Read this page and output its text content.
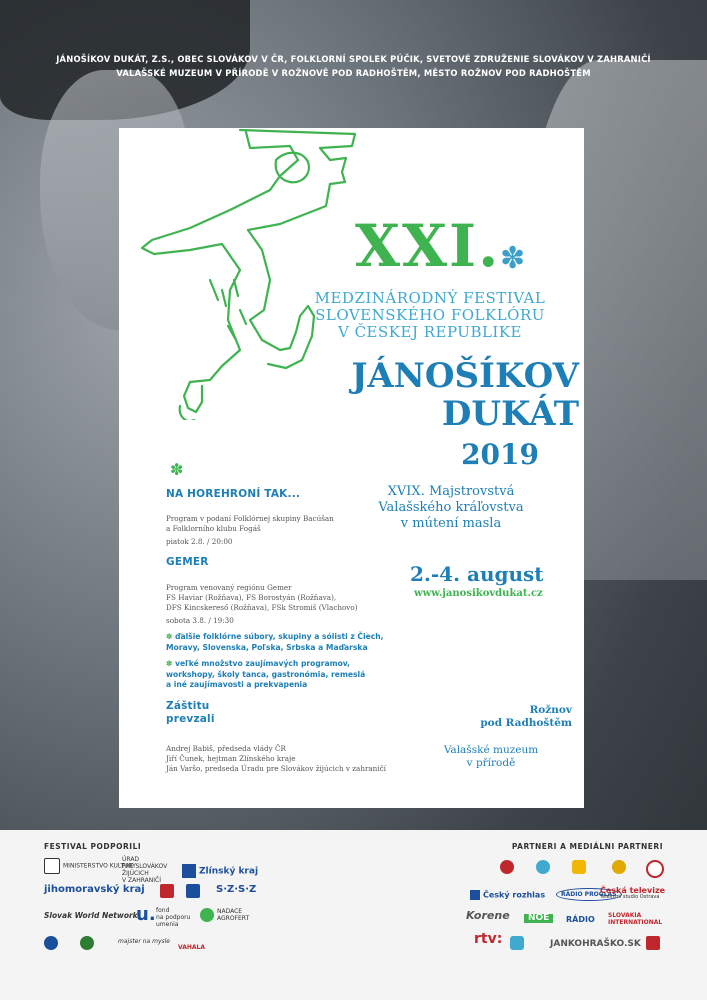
JÁNOŠÍKOV DUKÁT, Z.S., OBEC SLOVÁKOV V ČR, FOLKLORNÍ SPOLEK PÚČIK, SVETOVÉ ZDRUŽENIE SLOVÁKOV V ZAHRANIČÍ
VALAŠSKÉ MUZEUM V PŘÍRODĚ V ROŽNOVĚ POD RADHOŠTĚM, MĚSTO ROŽNOV POD RADHOŠTĚM
XXI. ✽
MEDZINÁRODNÝ FESTIVAL
SLOVENSKÉHO FOLKLÓRU
V ČESKEJ REPUBLIKE
JÁNOŠÍKOV
DUKÁT
2019
✽
XVIX. Majstrovstvá
Valašského kráľovstva
v mútení masla
2.-4. august
www.janosikovdukat.cz
NA HOREHRONÍ TAK...
Program v podaní Folklórnej skupiny Bacúšan
a Folklorního klubu Fogáš
piatok 2.8. / 20:00
GEMER
Program venovaný regiónu Gemer
FS Haviar (Rožňava), FS Borostyán (Rožňava),
DFS Kincskereső (Rožňava), FSk Stromiš (Vlachovo)
sobota 3.8. / 19:30
✽ ďalšie folklórne súbory, skupiny a sólisti z Čiech,
Moravy, Slovenska, Poľska, Srbska a Maďarska
✽ veľké množstvo zaujímavých programov,
workshopy, školy tanca, gastronómia, remeslá
a iné zaujímavosti a prekvapenia
Záštitu
prevzali
Andrej Babiš, předseda vlády ČR
Jiří Čunek, hejtman Zlínského kraje
Ján Varšo, predseda Úradu pre Slovákov žijúcich v zahraničí
Rožnov
pod Radhoštěm
Valašské muzeum
v přírodě
FESTIVAL PODPORILI	PARTNERI A MEDIÁLNI PARTNERI
MINISTERSTVO KULTURY
ÚRAD
PRE SLOVÁKOV
ŽIJÚCICH
V ZAHRANIČÍ
Zlínský kraj
jihomoravský kraj	S·Z·S·Z
Slovak World Network
u. fond
na podporu
umenia
NADACE
AGROFERT
majster na mysle
VAHALA
Český rozhlas	RÁDIO PROGLAS
Česká televize
Televizní studio Ostrava
Korene	NOE	RÁDIO SLOVAKIA
INTERNATIONAL
rtv:	JANKOHRAŠKO.SK
